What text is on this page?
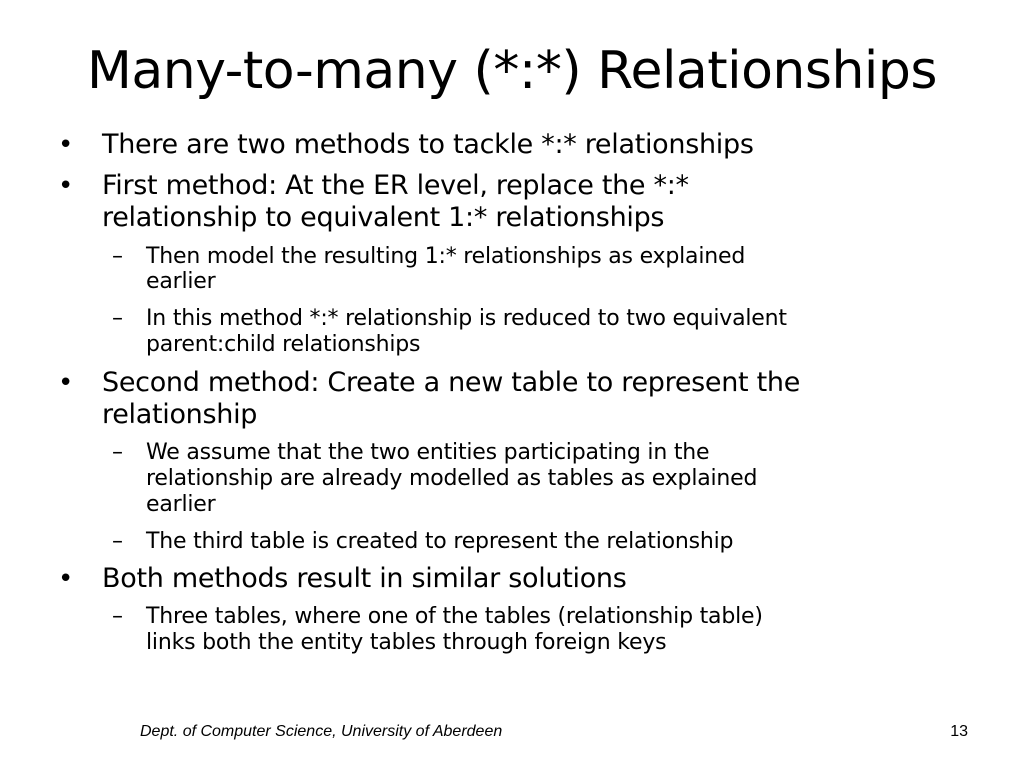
Many-to-many (*:*) Relationships
• There are two methods to tackle *:* relationships
• First method: At the ER level, replace the *:*
relationship to equivalent 1:* relationships
– Then model the resulting 1:* relationships as explained
earlier
– In this method *:* relationship is reduced to two equivalent
parent:child relationships
• Second method: Create a new table to represent the
relationship
– We assume that the two entities participating in the
relationship are already modelled as tables as explained
earlier
– The third table is created to represent the relationship
• Both methods result in similar solutions
– Three tables, where one of the tables (relationship table)
links both the entity tables through foreign keys
Dept. of Computer Science, University of Aberdeen	13
